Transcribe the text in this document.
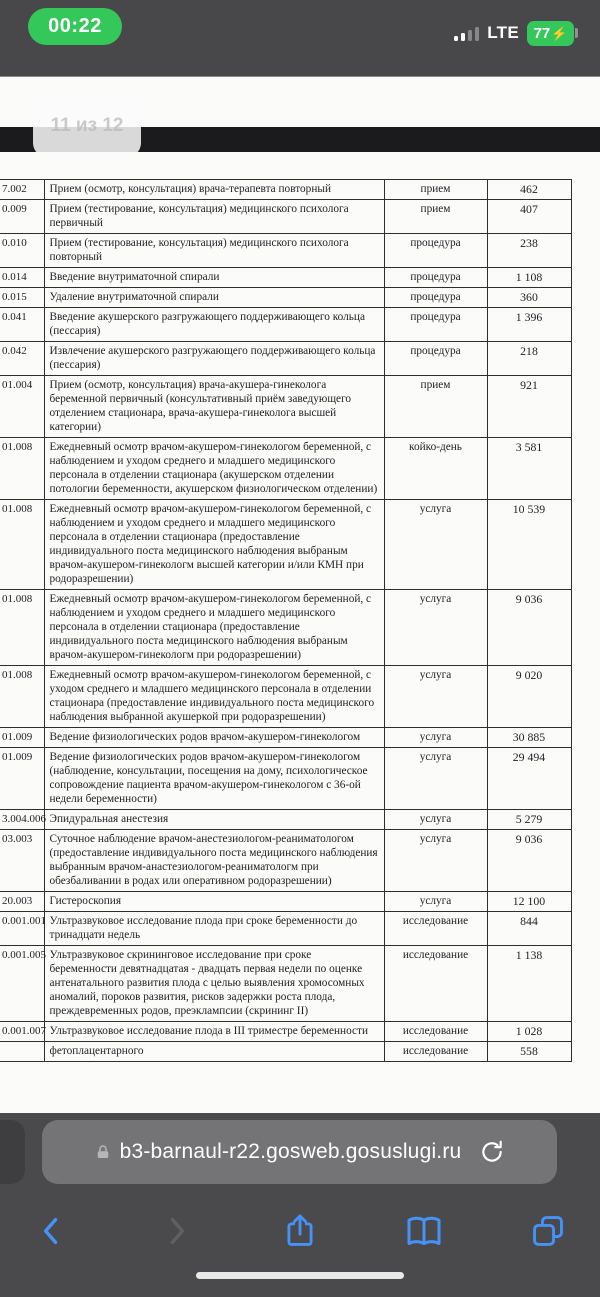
00:22	LTE 77 ⚡
11 из 12
7.002	Прием (осмотр, консультация) врача-терапевта повторный	прием	462
0.009	Прием (тестирование, консультация) медицинского психолога первичный	прием	407
0.010	Прием (тестирование, консультация) медицинского психолога повторный	процедура	238
0.014	Введение внутриматочной спирали	процедура	1 108
0.015	Удаление внутриматочной спирали	процедура	360
0.041	Введение акушерского разгружающего поддерживающего кольца (пессария)	процедура	1 396
0.042	Извлечение акушерского разгружающего поддерживающего кольца (пессария)	процедура	218
01.004	Прием (осмотр, консультация) врача-акушера-гинеколога беременной первичный (консультативный приём заведующего отделением стационара, врача-акушера-гинеколога высшей категории)	прием	921
01.008	Ежедневный осмотр врачом-акушером-гинекологом беременной, с наблюдением и уходом среднего и младшего медицинского персонала в отделении стационара (акушерском отделении потологии беременности, акушерском физиологическом отделении)	койко-день	3 581
01.008	Ежедневный осмотр врачом-акушером-гинекологом беременной, с наблюдением и уходом среднего и младшего медицинского персонала в отделении стационара (предоставление индивидуального поста медицинского наблюдения выбраным врачом-акушером-гинекологм высшей категории и/или КМН при родоразрешении)	услуга	10 539
01.008	Ежедневный осмотр врачом-акушером-гинекологом беременной, с наблюдением и уходом среднего и младшего медицинского персонала в отделении стационара (предоставление индивидуального поста медицинского наблюдения выбраным врачом-акушером-гинекологм при родоразрешении)	услуга	9 036
01.008	Ежедневный осмотр врачом-акушером-гинекологом беременной, с уходом среднего и младшего медицинского персонала в отделении стационара (предоставление индивидуального поста медицинского наблюдения выбранной акушеркой при родоразрешении)	услуга	9 020
01.009	Ведение физиологических родов врачом-акушером-гинекологом	услуга	30 885
01.009	Ведение физиологических родов врачом-акушером-гинекологом (наблюдение, консультации, посещения на дому, психологическое сопровождение пациента врачом-акушером-гинекологом с 36-ой недели беременности)	услуга	29 494
3.004.006	Эпидуральная анестезия	услуга	5 279
03.003	Суточное наблюдение врачом-анестезиологом-реаниматологом (предоставление индивидуального поста медицинского наблюдения выбранным врачом-анастезиологом-реаниматологм при обезбаливании в родах или оперативном родоразрешении)	услуга	9 036
20.003	Гистероскопия	услуга	12 100
0.001.001	Ультразвуковое исследование плода при сроке беременности до тринадцати недель	исследование	844
0.001.005	Ультразвуковое скрининговое исследование при сроке беременности девятнадцатая - двадцать первая недели по оценке антенатального развития плода с целью выявления хромосомных аномалий, пороков развития, рисков задержки роста плода, преждевременных родов, преэклампсии (скрининг II)	исследование	1 138
0.001.007	Ультразвуковое исследование плода в III триместре беременности	исследование	1 028
	фетоплацентарного	исследование	558
b3-barnaul-r22.gosweb.gosuslugi.ru
